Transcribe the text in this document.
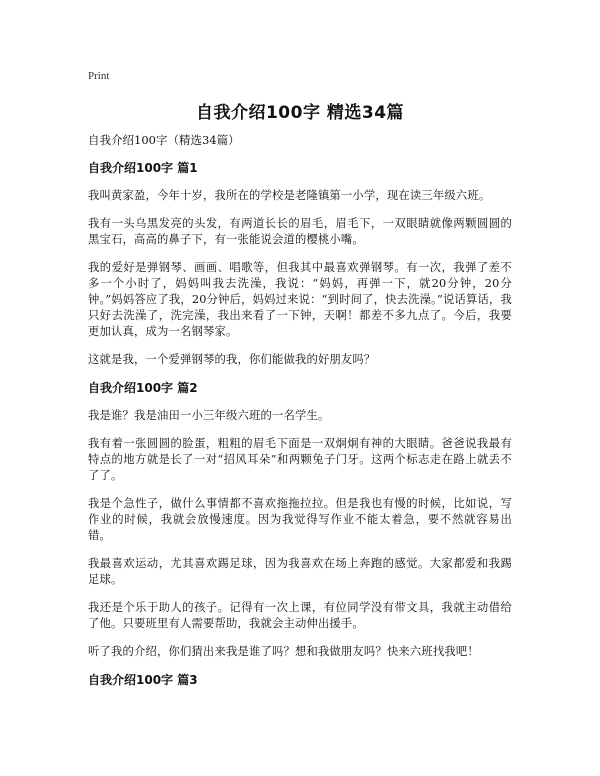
Print
自我介绍100字 精选34篇
自我介绍100字（精选34篇）
自我介绍100字 篇1

我叫黄家盈，今年十岁，我所在的学校是老隆镇第一小学，现在读三年级六班。

我有一头乌黑发亮的头发，有两道长长的眉毛，眉毛下，一双眼睛就像两颗圆圆的黑宝石，高高的鼻子下，有一张能说会道的樱桃小嘴。

我的爱好是弹钢琴、画画、唱歌等，但我其中最喜欢弹钢琴。有一次，我弹了差不多一个小时了，妈妈叫我去洗澡，我说：“妈妈，再弹一下，就20分钟，20分钟。”妈妈答应了我，20分钟后，妈妈过来说：“到时间了，快去洗澡。”说话算话，我只好去洗澡了，洗完澡，我出来看了一下钟，天啊！都差不多九点了。今后，我要更加认真，成为一名钢琴家。

这就是我，一个爱弹钢琴的我，你们能做我的好朋友吗？

自我介绍100字 篇2

我是谁？我是油田一小三年级六班的一名学生。

我有着一张圆圆的脸蛋，粗粗的眉毛下面是一双炯炯有神的大眼睛。爸爸说我最有特点的地方就是长了一对“招风耳朵”和两颗兔子门牙。这两个标志走在路上就丢不了了。

我是个急性子，做什么事情都不喜欢拖拖拉拉。但是我也有慢的时候，比如说，写作业的时候，我就会放慢速度。因为我觉得写作业不能太着急，要不然就容易出错。

我最喜欢运动，尤其喜欢踢足球，因为我喜欢在场上奔跑的感觉。大家都爱和我踢足球。

我还是个乐于助人的孩子。记得有一次上课，有位同学没有带文具，我就主动借给了他。只要班里有人需要帮助，我就会主动伸出援手。

听了我的介绍，你们猜出来我是谁了吗？想和我做朋友吗？快来六班找我吧！

自我介绍100字 篇3
